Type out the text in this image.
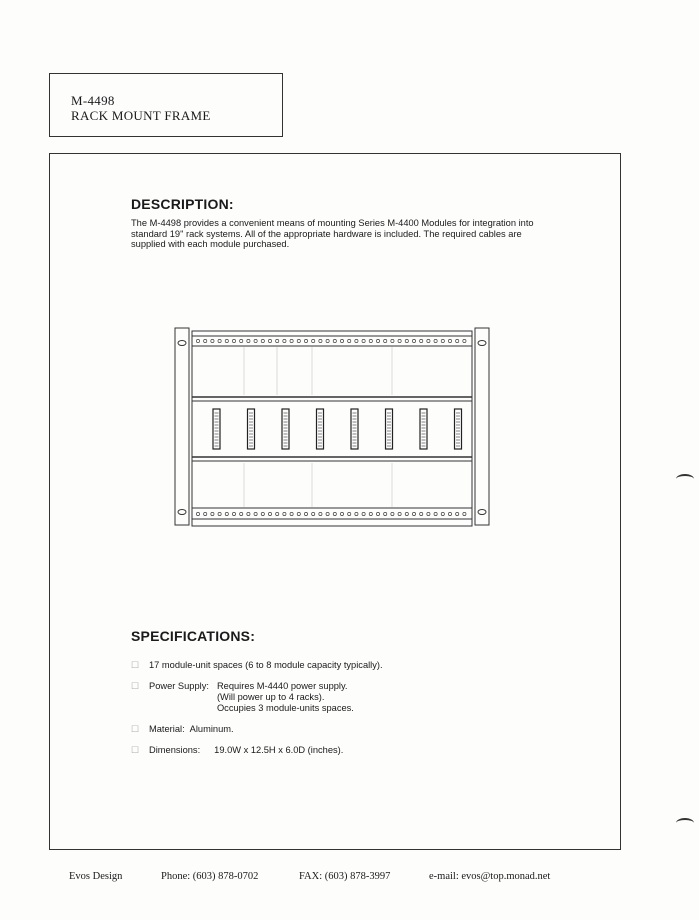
M-4498
RACK MOUNT FRAME
DESCRIPTION:
The M-4498 provides a convenient means of mounting Series M-4400 Modules for integration into standard 19" rack systems. All of the appropriate hardware is included. The required cables are supplied with each module purchased.
SPECIFICATIONS:
☐	17 module-unit spaces (6 to 8 module capacity typically).
☐	Power Supply: Requires M-4440 power supply.
(Will power up to 4 racks).
Occupies 3 module-units spaces.
☐	Material: Aluminum.
☐	Dimensions: 19.0W x 12.5H x 6.0D (inches).
Evos Design	Phone: (603) 878-0702	FAX: (603) 878-3997	e-mail: evos@top.monad.net
